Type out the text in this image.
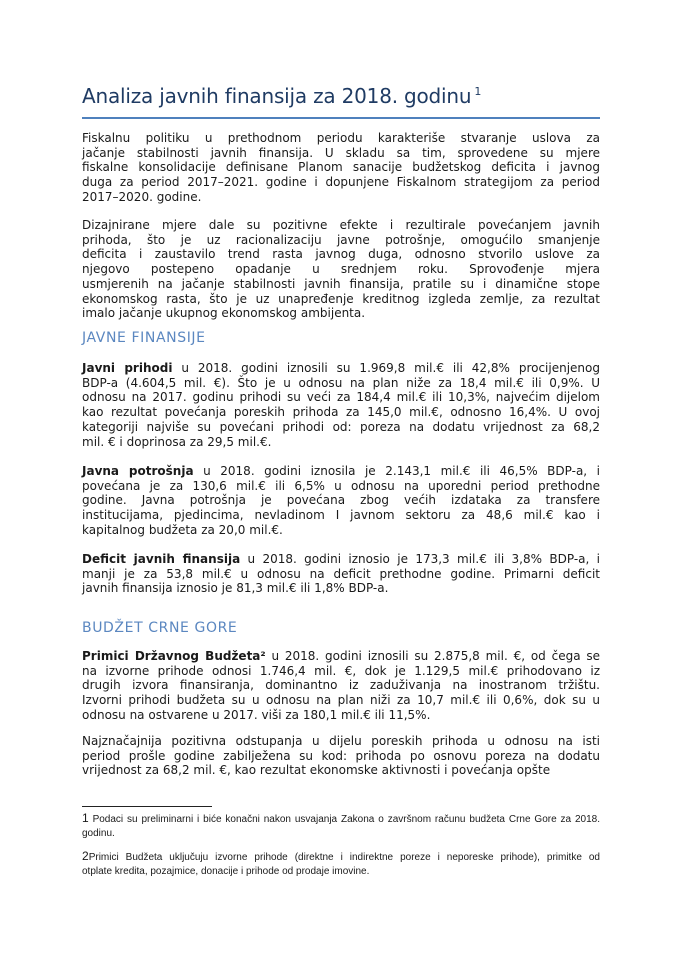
Analiza javnih finansija za 2018. godinu $^1$
Fiskalnu politiku u prethodnom periodu karakteriše stvaranje uslova za
jačanje stabilnosti javnih finansija. U skladu sa tim, sprovedene su mjere
fiskalne konsolidacije definisane Planom sanacije budžetskog deficita i javnog
duga za period 2017–2021. godine i dopunjene Fiskalnom strategijom za period
2017–2020. godine.
Dizajnirane mjere dale su pozitivne efekte i rezultirale povećanjem javnih
prihoda, što je uz racionalizaciju javne potrošnje, omogućilo smanjenje
deficita i zaustavilo trend rasta javnog duga, odnosno stvorilo uslove za
njegovo postepeno opadanje u srednjem roku. Sprovođenje mjera
usmjerenih na jačanje stabilnosti javnih finansija, pratile su i dinamične stope
ekonomskog rasta, što je uz unapređenje kreditnog izgleda zemlje, za rezultat
imalo jačanje ukupnog ekonomskog ambijenta.
JAVNE FINANSIJE
Javni prihodi u 2018. godini iznosili su 1.969,8 mil.€ ili 42,8% procijenjenog
BDP-a (4.604,5 mil. €). Što je u odnosu na plan niže za 18,4 mil.€ ili 0,9%. U
odnosu na 2017. godinu prihodi su veći za 184,4 mil.€ ili 10,3%, najvećim dijelom
kao rezultat povećanja poreskih prihoda za 145,0 mil.€, odnosno 16,4%. U ovoj
kategoriji najviše su povećani prihodi od: poreza na dodatu vrijednost za 68,2
mil. € i doprinosa za 29,5 mil.€.
Javna potrošnja u 2018. godini iznosila je 2.143,1 mil.€ ili 46,5% BDP-a, i
povećana je za 130,6 mil.€ ili 6,5% u odnosu na uporedni period prethodne
godine. Javna potrošnja je povećana zbog većih izdataka za transfere
institucijama, pjedincima, nevladinom I javnom sektoru za 48,6 mil.€ kao i
kapitalnog budžeta za 20,0 mil.€.
Deficit javnih finansija u 2018. godini iznosio je 173,3 mil.€ ili 3,8% BDP-a, i
manji je za 53,8 mil.€ u odnosu na deficit prethodne godine. Primarni deficit
javnih finansija iznosio je 81,3 mil.€ ili 1,8% BDP-a.
BUDŽET CRNE GORE
Primici Državnog Budžeta² u 2018. godini iznosili su 2.875,8 mil. €, od čega se
na izvorne prihode odnosi 1.746,4 mil. €, dok je 1.129,5 mil.€ prihodovano iz
drugih izvora finansiranja, dominantno iz zaduživanja na inostranom tržištu.
Izvorni prihodi budžeta su u odnosu na plan niži za 10,7 mil.€ ili 0,6%, dok su u
odnosu na ostvarene u 2017. viši za 180,1 mil.€ ili 11,5%.
Najznačajnija pozitivna odstupanja u dijelu poreskih prihoda u odnosu na isti
period prošle godine zabilježena su kod: prihoda po osnovu poreza na dodatu
vrijednost za 68,2 mil. €, kao rezultat ekonomske aktivnosti i povećanja opšte
1 Podaci su preliminarni i biće konačni nakon usvajanja Zakona o završnom računu budžeta Crne Gore za 2018.
godinu.
2Primici Budžeta uključuju izvorne prihode (direktne i indirektne poreze i neporeske prihode), primitke od
otplate kredita, pozajmice, donacije i prihode od prodaje imovine.
